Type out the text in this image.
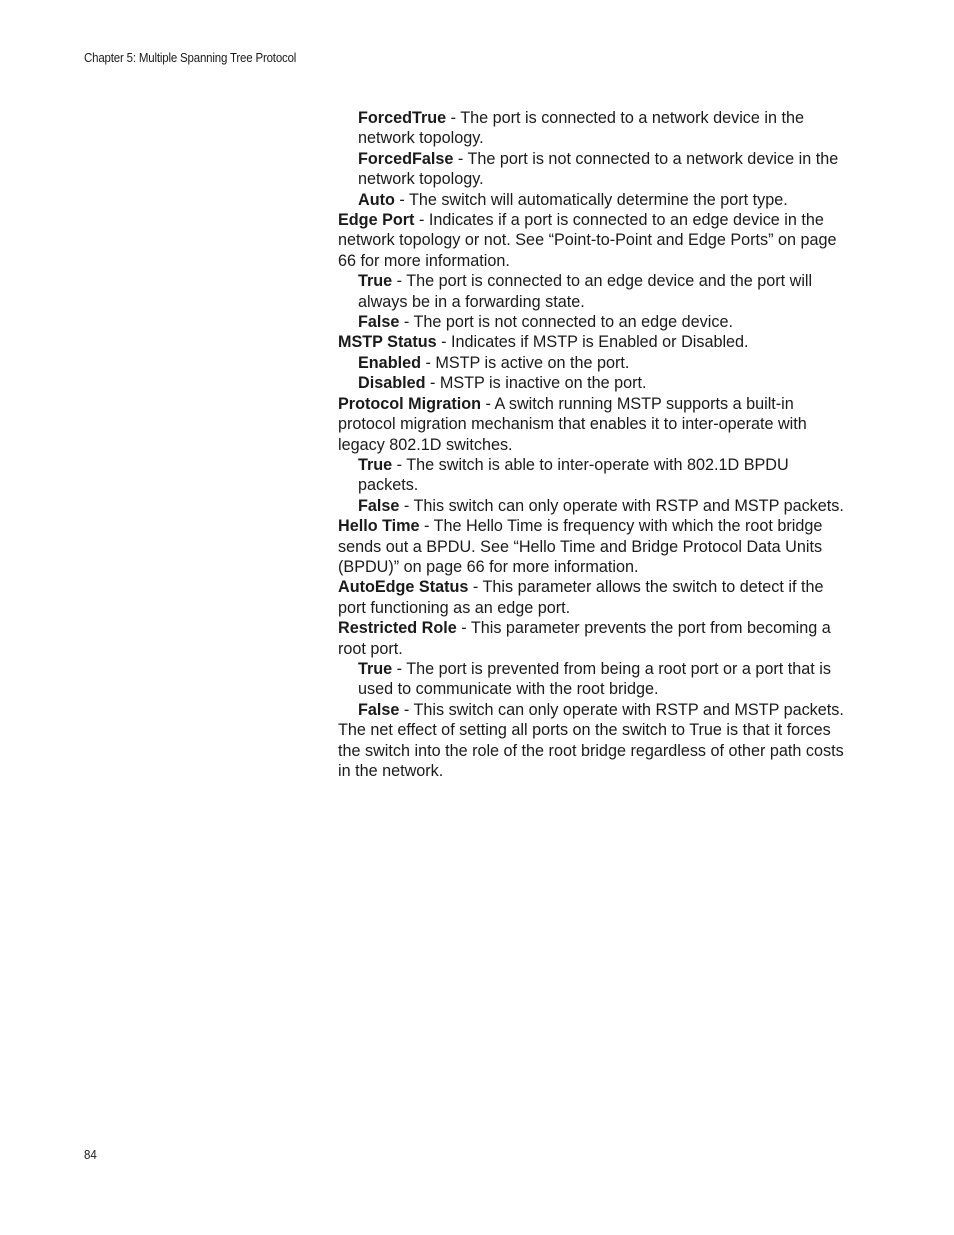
Chapter 5: Multiple Spanning Tree Protocol

ForcedTrue - The port is connected to a network device in the network topology.

ForcedFalse - The port is not connected to a network device in the network topology.

Auto - The switch will automatically determine the port type.

Edge Port - Indicates if a port is connected to an edge device in the network topology or not. See “Point-to-Point and Edge Ports” on page 66 for more information.

True - The port is connected to an edge device and the port will always be in a forwarding state.

False - The port is not connected to an edge device.

MSTP Status - Indicates if MSTP is Enabled or Disabled.

Enabled - MSTP is active on the port.

Disabled - MSTP is inactive on the port.

Protocol Migration - A switch running MSTP supports a built-in protocol migration mechanism that enables it to inter-operate with legacy 802.1D switches.

True - The switch is able to inter-operate with 802.1D BPDU packets.

False - This switch can only operate with RSTP and MSTP packets.

Hello Time - The Hello Time is frequency with which the root bridge sends out a BPDU. See “Hello Time and Bridge Protocol Data Units (BPDU)” on page 66 for more information.

AutoEdge Status - This parameter allows the switch to detect if the port functioning as an edge port.

Restricted Role - This parameter prevents the port from becoming a root port.

True - The port is prevented from being a root port or a port that is used to communicate with the root bridge.

False - This switch can only operate with RSTP and MSTP packets.

The net effect of setting all ports on the switch to True is that it forces the switch into the role of the root bridge regardless of other path costs in the network.

84
